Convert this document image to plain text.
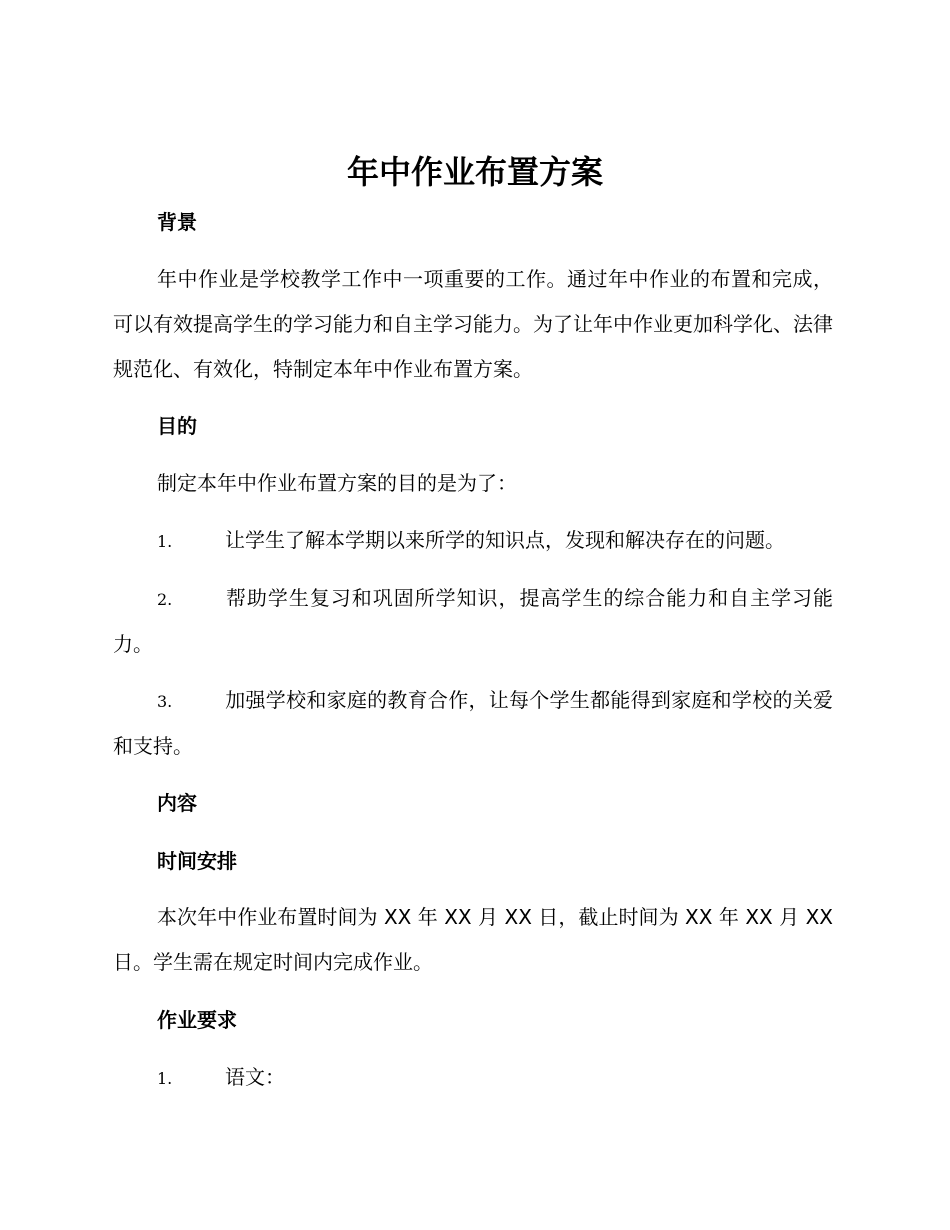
年中作业布置方案
背景
年中作业是学校教学工作中一项重要的工作。通过年中作业的布置和完成，可以有效提高学生的学习能力和自主学习能力。为了让年中作业更加科学化、法律规范化、有效化，特制定本年中作业布置方案。
目的
制定本年中作业布置方案的目的是为了：
1.	让学生了解本学期以来所学的知识点，发现和解决存在的问题。
2.	帮助学生复习和巩固所学知识，提高学生的综合能力和自主学习能力。
3.	加强学校和家庭的教育合作，让每个学生都能得到家庭和学校的关爱和支持。
内容
时间安排
本次年中作业布置时间为 XX 年 XX 月 XX 日，截止时间为 XX 年 XX 月 XX 日。学生需在规定时间内完成作业。
作业要求
1.	语文：
